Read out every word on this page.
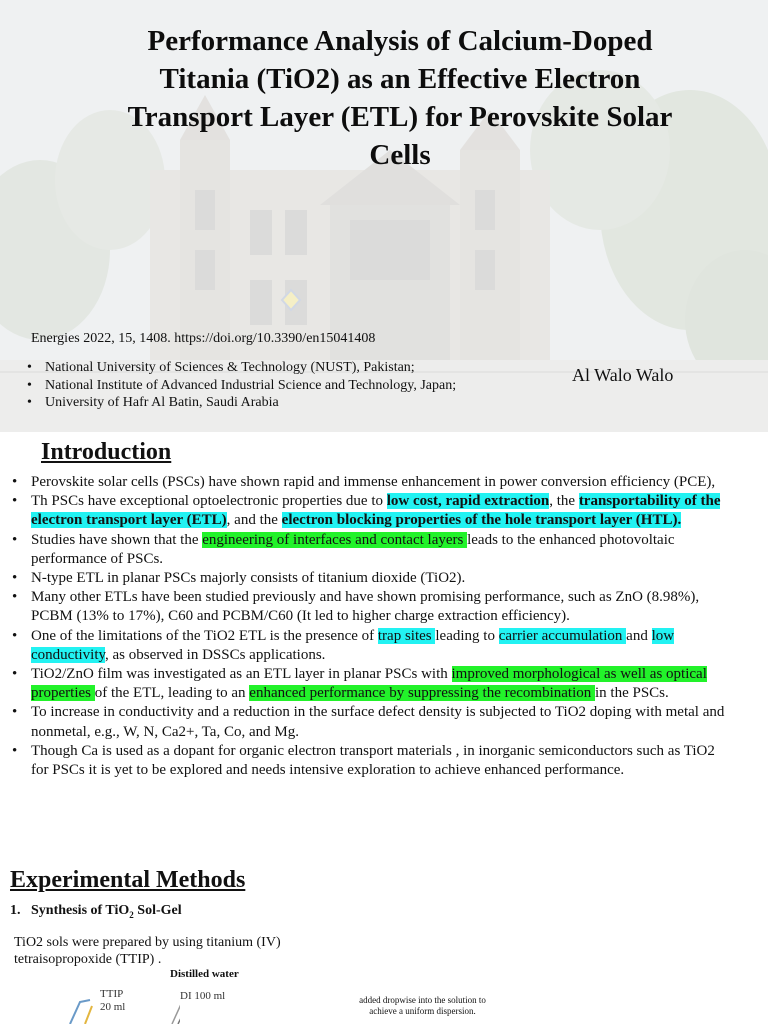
Performance Analysis of Calcium-Doped Titania (TiO2) as an Effective Electron Transport Layer (ETL) for Perovskite Solar Cells
Energies 2022, 15, 1408. https://doi.org/10.3390/en15041408
• National University of Sciences & Technology (NUST), Pakistan;
• National Institute of Advanced Industrial Science and Technology, Japan;
• University of Hafr Al Batin, Saudi Arabia
Al Walo Walo
Introduction
• Perovskite solar cells (PSCs) have shown rapid and immense enhancement in power conversion efficiency (PCE),
• Th PSCs have exceptional optoelectronic properties due to low cost, rapid extraction, the transportability of the electron transport layer (ETL), and the electron blocking properties of the hole transport layer (HTL).
• Studies have shown that the engineering of interfaces and contact layers leads to the enhanced photovoltaic performance of PSCs.
• N-type ETL in planar PSCs majorly consists of titanium dioxide (TiO2).
• Many other ETLs have been studied previously and have shown promising performance, such as ZnO (8.98%), PCBM (13% to 17%), C60 and PCBM/C60 (It led to higher charge extraction efficiency).
• One of the limitations of the TiO2 ETL is the presence of trap sites leading to carrier accumulation and low conductivity, as observed in DSSCs applications.
• TiO2/ZnO film was investigated as an ETL layer in planar PSCs with improved morphological as well as optical properties of the ETL, leading to an enhanced performance by suppressing the recombination in the PSCs.
• To increase in conductivity and a reduction in the surface defect density is subjected to TiO2 doping with metal and nonmetal, e.g., W, N, Ca2+, Ta, Co, and Mg.
• Though Ca is used as a dopant for organic electron transport materials , in inorganic semiconductors such as TiO2 for PSCs it is yet to be explored and needs intensive exploration to achieve enhanced performance.
Experimental Methods
1. Synthesis of TiO$_2$ Sol-Gel
TiO2 sols were prepared by using titanium (IV) tetraisopropoxide (TTIP) .
Distilled water
TTIP
20 ml
DI 100 ml	added dropwise into the solution to achieve a uniform dispersion.
